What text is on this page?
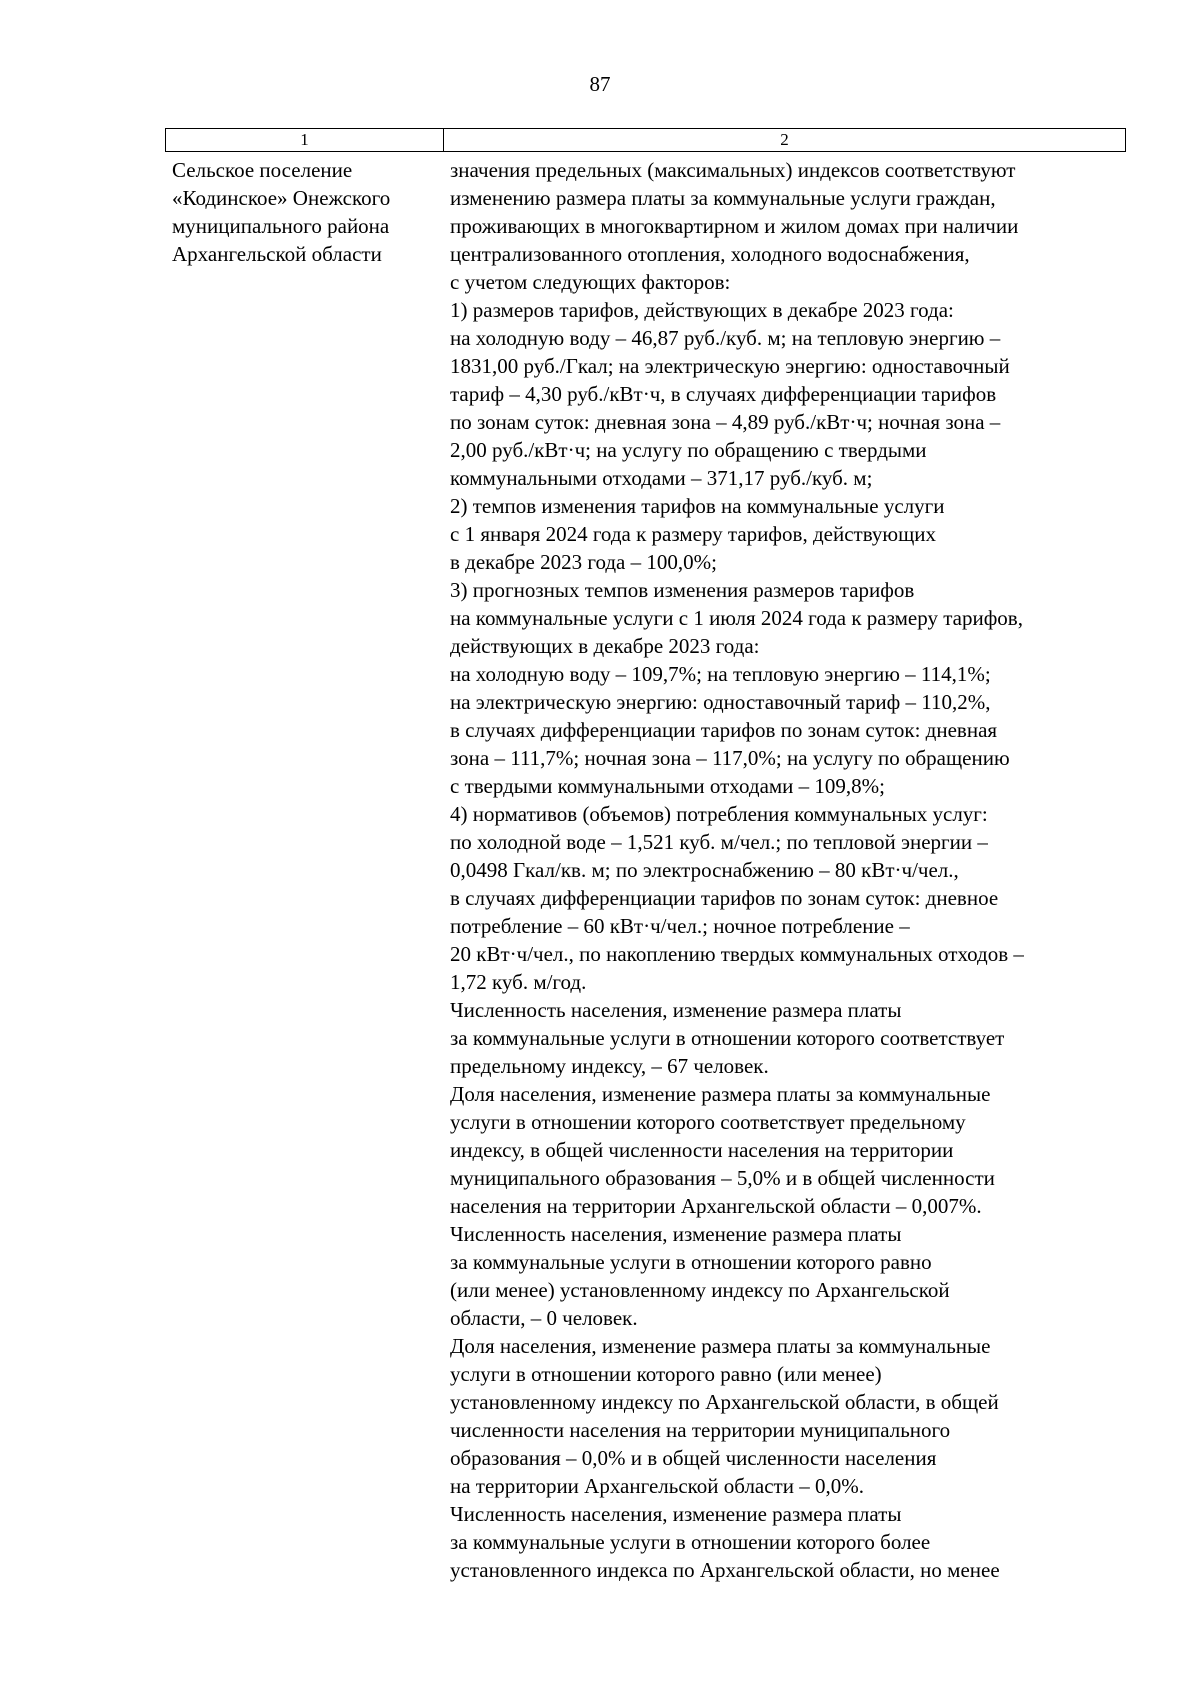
87
1	2
Сельское поселение
«Кодинское» Онежского
муниципального района
Архангельской области
значения предельных (максимальных) индексов соответствуют
изменению размера платы за коммунальные услуги граждан,
проживающих в многоквартирном и жилом домах при наличии
централизованного отопления, холодного водоснабжения,
с учетом следующих факторов:
1) размеров тарифов, действующих в декабре 2023 года:
на холодную воду – 46,87 руб./куб. м; на тепловую энергию –
1831,00 руб./Гкал; на электрическую энергию: одноставочный
тариф – 4,30 руб./кВт·ч, в случаях дифференциации тарифов
по зонам суток: дневная зона – 4,89 руб./кВт·ч; ночная зона –
2,00 руб./кВт·ч; на услугу по обращению с твердыми
коммунальными отходами – 371,17 руб./куб. м;
2) темпов изменения тарифов на коммунальные услуги
с 1 января 2024 года к размеру тарифов, действующих
в декабре 2023 года – 100,0%;
3) прогнозных темпов изменения размеров тарифов
на коммунальные услуги с 1 июля 2024 года к размеру тарифов,
действующих в декабре 2023 года:
на холодную воду – 109,7%; на тепловую энергию – 114,1%;
на электрическую энергию: одноставочный тариф – 110,2%,
в случаях дифференциации тарифов по зонам суток: дневная
зона – 111,7%; ночная зона – 117,0%; на услугу по обращению
с твердыми коммунальными отходами – 109,8%;
4) нормативов (объемов) потребления коммунальных услуг:
по холодной воде – 1,521 куб. м/чел.; по тепловой энергии –
0,0498 Гкал/кв. м; по электроснабжению – 80 кВт·ч/чел.,
в случаях дифференциации тарифов по зонам суток: дневное
потребление – 60 кВт·ч/чел.; ночное потребление –
20 кВт·ч/чел., по накоплению твердых коммунальных отходов –
1,72 куб. м/год.
Численность населения, изменение размера платы
за коммунальные услуги в отношении которого соответствует
предельному индексу, – 67 человек.
Доля населения, изменение размера платы за коммунальные
услуги в отношении которого соответствует предельному
индексу, в общей численности населения на территории
муниципального образования – 5,0% и в общей численности
населения на территории Архангельской области – 0,007%.
Численность населения, изменение размера платы
за коммунальные услуги в отношении которого равно
(или менее) установленному индексу по Архангельской
области, – 0 человек.
Доля населения, изменение размера платы за коммунальные
услуги в отношении которого равно (или менее)
установленному индексу по Архангельской области, в общей
численности населения на территории муниципального
образования – 0,0% и в общей численности населения
на территории Архангельской области – 0,0%.
Численность населения, изменение размера платы
за коммунальные услуги в отношении которого более
установленного индекса по Архангельской области, но менее
